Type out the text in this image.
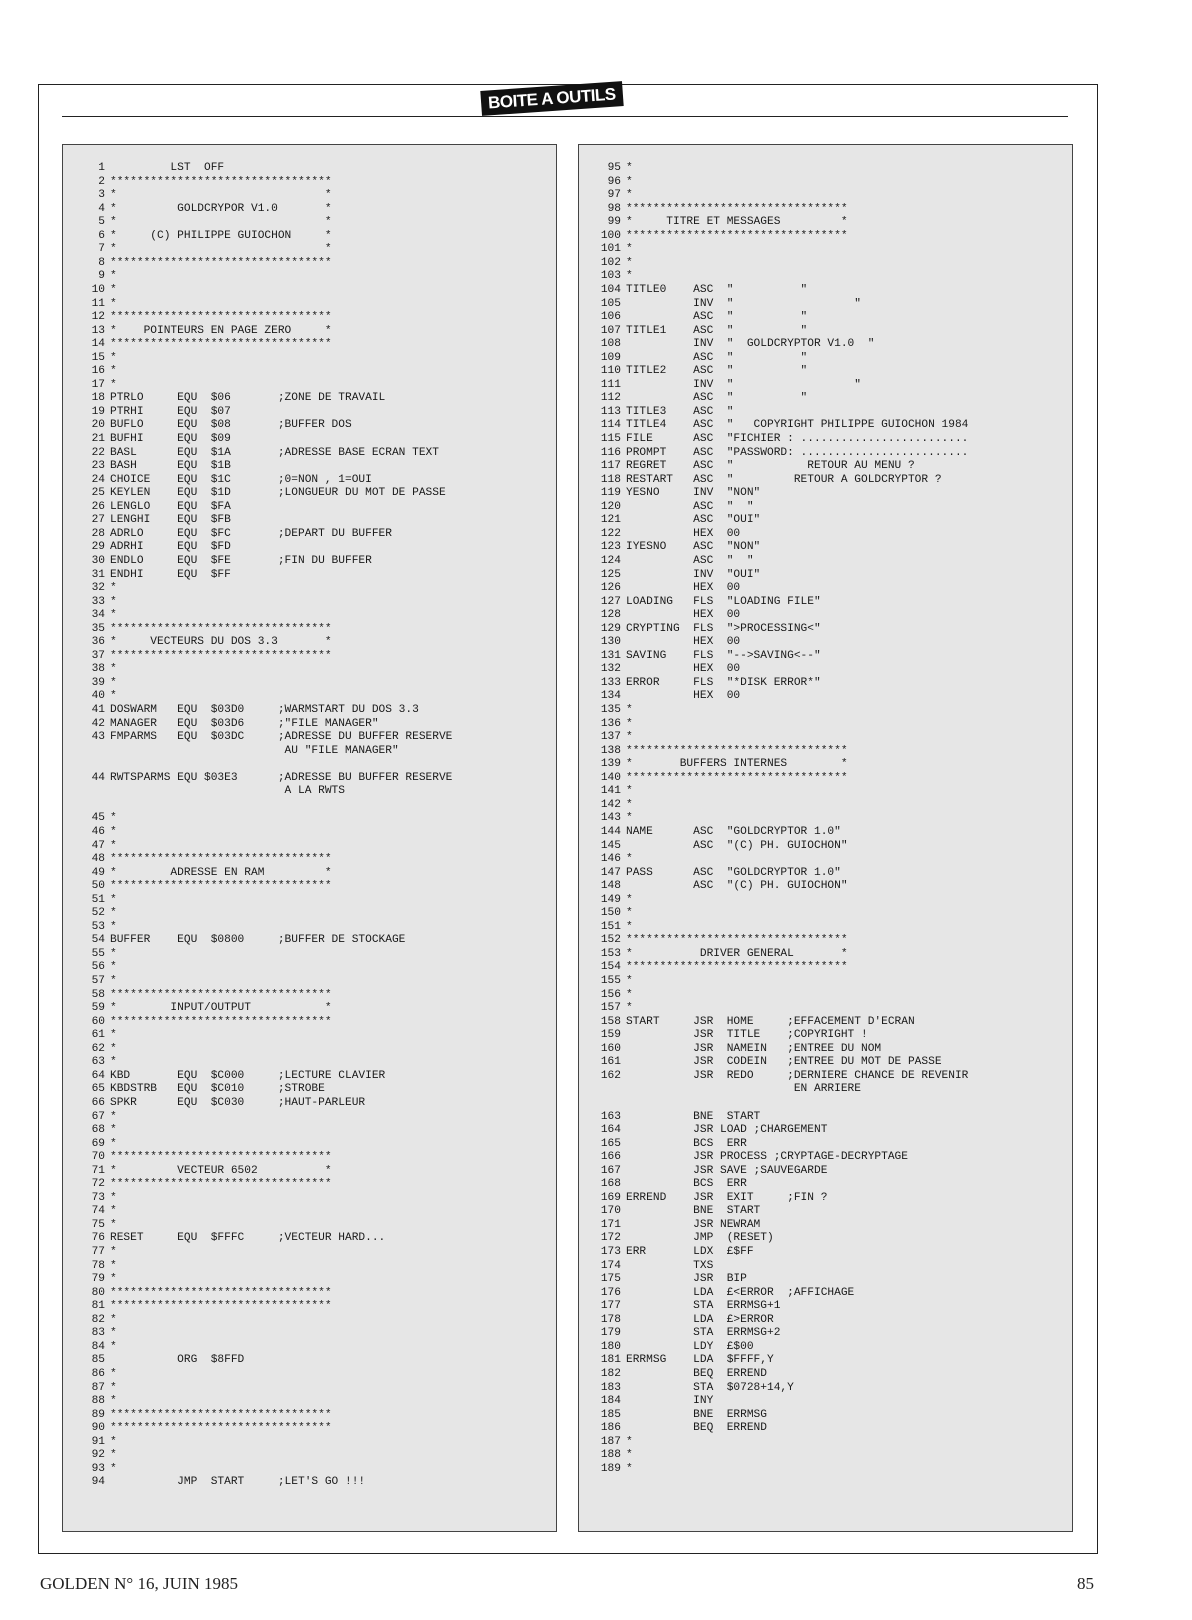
BOITE A OUTILS
1 LST  OFF
2 *********************************
3 *                               *
4 *         GOLDCRYPOR V1.0       *
5 *                               *
6 *     (C) PHILIPPE GUIOCHON     *
7 *                               *
8 *********************************
9 *
10 *
11 *
12 *********************************
13 *    POINTEURS EN PAGE ZERO     *
14 *********************************
15 *
16 *
17 *
18 PTRLO     EQU  $06       ;ZONE DE TRAVAIL
19 PTRHI     EQU  $07
20 BUFLO     EQU  $08       ;BUFFER DOS
21 BUFHI     EQU  $09
22 BASL      EQU  $1A       ;ADRESSE BASE ECRAN TEXT
23 BASH      EQU  $1B
24 CHOICE    EQU  $1C       ;0=NON , 1=OUI
25 KEYLEN    EQU  $1D       ;LONGUEUR DU MOT DE PASSE
26 LENGLO    EQU  $FA
27 LENGHI    EQU  $FB
28 ADRLO     EQU  $FC       ;DEPART DU BUFFER
29 ADRHI     EQU  $FD
30 ENDLO     EQU  $FE       ;FIN DU BUFFER
31 ENDHI     EQU  $FF
32 *
33 *
34 *
35 *********************************
36 *     VECTEURS DU DOS 3.3       *
37 *********************************
38 *
39 *
40 *
41 DOSWARM   EQU  $03D0     ;WARMSTART DU DOS 3.3
42 MANAGER   EQU  $03D6     ;"FILE MANAGER"
43 FMPARMS   EQU  $03DC     ;ADRESSE DU BUFFER RESERVE
AU "FILE MANAGER"
44 RWTSPARMS EQU $03E3      ;ADRESSE BU BUFFER RESERVE
A LA RWTS
45 *
46 *
47 *
48 *********************************
49 *        ADRESSE EN RAM         *
50 *********************************
51 *
52 *
53 *
54 BUFFER    EQU  $0800     ;BUFFER DE STOCKAGE
55 *
56 *
57 *
58 *********************************
59 *        INPUT/OUTPUT           *
60 *********************************
61 *
62 *
63 *
64 KBD       EQU  $C000     ;LECTURE CLAVIER
65 KBDSTRB   EQU  $C010     ;STROBE
66 SPKR      EQU  $C030     ;HAUT-PARLEUR
67 *
68 *
69 *
70 *********************************
71 *         VECTEUR 6502          *
72 *********************************
73 *
74 *
75 *
76 RESET     EQU  $FFFC     ;VECTEUR HARD...
77 *
78 *
79 *
80 *********************************
81 *********************************
82 *
83 *
84 *
85 ORG  $8FFD
86 *
87 *
88 *
89 *********************************
90 *********************************
91 *
92 *
93 *
94 JMP  START     ;LET'S GO !!!
95 *
96 *
97 *
98 *********************************
99 *     TITRE ET MESSAGES         *
100 *********************************
101 *
102 *
103 *
104 TITLE0    ASC  "          "
105 INV  "                  "
106 ASC  "          "
107 TITLE1    ASC  "          "
108 INV  "  GOLDCRYPTOR V1.0  "
109 ASC  "          "
110 TITLE2    ASC  "          "
111 INV  "                  "
112 ASC  "          "
113 TITLE3    ASC  "
114 TITLE4    ASC  "   COPYRIGHT PHILIPPE GUIOCHON 1984
115 FILE      ASC  "FICHIER : .........................
116 PROMPT    ASC  "PASSWORD: .........................
117 REGRET    ASC  "           RETOUR AU MENU ?
118 RESTART   ASC  "         RETOUR A GOLDCRYPTOR ?
119 YESNO     INV  "NON"
120 ASC  "  "
121 ASC  "OUI"
122 HEX  00
123 IYESNO    ASC  "NON"
124 ASC  "  "
125 INV  "OUI"
126 HEX  00
127 LOADING   FLS  "LOADING FILE"
128 HEX  00
129 CRYPTING  FLS  ">PROCESSING<"
130 HEX  00
131 SAVING    FLS  "-->SAVING<--"
132 HEX  00
133 ERROR     FLS  "*DISK ERROR*"
134 HEX  00
135 *
136 *
137 *
138 *********************************
139 *       BUFFERS INTERNES        *
140 *********************************
141 *
142 *
143 *
144 NAME      ASC  "GOLDCRYPTOR 1.0"
145 ASC  "(C) PH. GUIOCHON"
146 *
147 PASS      ASC  "GOLDCRYPTOR 1.0"
148 ASC  "(C) PH. GUIOCHON"
149 *
150 *
151 *
152 *********************************
153 *          DRIVER GENERAL       *
154 *********************************
155 *
156 *
157 *
158 START     JSR  HOME     ;EFFACEMENT D'ECRAN
159 JSR  TITLE    ;COPYRIGHT !
160 JSR  NAMEIN   ;ENTREE DU NOM
161 JSR  CODEIN   ;ENTREE DU MOT DE PASSE
162 JSR  REDO     ;DERNIERE CHANCE DE REVENIR
EN ARRIERE
163 BNE  START
164 JSR LOAD ;CHARGEMENT
165 BCS  ERR
166 JSR PROCESS ;CRYPTAGE-DECRYPTAGE
167 JSR SAVE ;SAUVEGARDE
168 BCS  ERR
169 ERREND    JSR  EXIT     ;FIN ?
170 BNE  START
171 JSR NEWRAM
172 JMP  (RESET)
173 ERR       LDX  £$FF
174 TXS
175 JSR  BIP
176 LDA  £<ERROR  ;AFFICHAGE
177 STA  ERRMSG+1
178 LDA  £>ERROR
179 STA  ERRMSG+2
180 LDY  £$00
181 ERRMSG    LDA  $FFFF,Y
182 BEQ  ERREND
183 STA  $0728+14,Y
184 INY
185 BNE  ERRMSG
186 BEQ  ERREND
187 *
188 *
189 *
GOLDEN N° 16, JUIN 1985	85
